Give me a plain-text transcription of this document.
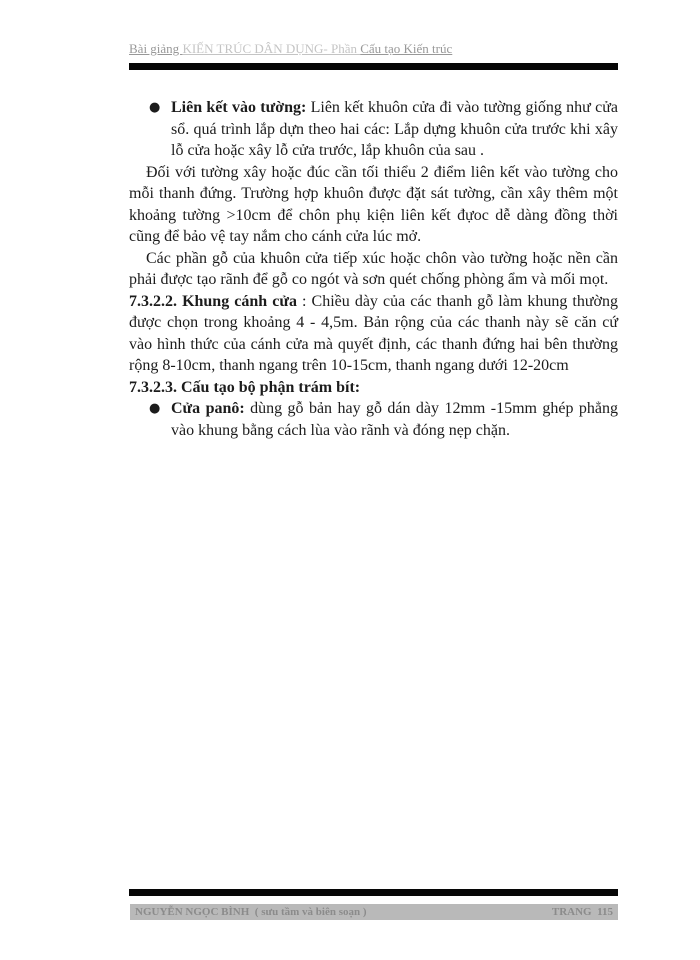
Bài giảng KIẾN TRÚC DÂN DỤNG- Phần Cấu tạo Kiến trúc
● Liên kết vào tường: Liên kết khuôn cửa đi vào tường giống như cửa sổ. quá trình lắp dựn theo hai các: Lắp dựng khuôn cửa trước khi xây lỗ cửa hoặc xây lỗ cửa trước, lắp khuôn của sau .

Đối với tường xây hoặc đúc cần tối thiểu 2 điểm liên kết vào tường cho mỗi thanh đứng. Trường hợp khuôn được đặt sát tường, cần xây thêm một khoảng tường >10cm để chôn phụ kiện liên kết đựoc dễ dàng đồng thời cũng để bảo vệ tay nắm cho cánh cửa lúc mở.

Các phần gỗ của khuôn cửa tiếp xúc hoặc chôn vào tường hoặc nền cần phải được tạo rãnh để gỗ co ngót và sơn quét chống phòng ẩm và mối mọt.

7.3.2.2. Khung cánh cửa : Chiều dày của các thanh gỗ làm khung thường được chọn trong khoảng 4 - 4,5m. Bản rộng của các thanh này sẽ căn cứ vào hình thức của cánh cửa mà quyết định, các thanh đứng hai bên thường rộng 8-10cm, thanh ngang trên 10-15cm, thanh ngang dưới 12-20cm

7.3.2.3. Cấu tạo bộ phận trám bít:

● Cửa panô: dùng gỗ bản hay gỗ dán dày 12mm -15mm ghép phẳng vào khung bằng cách lùa vào rãnh và đóng nẹp chặn.
NGUYỄN NGỌC BÌNH  ( sưu tầm và biên soạn )	TRANG  115
